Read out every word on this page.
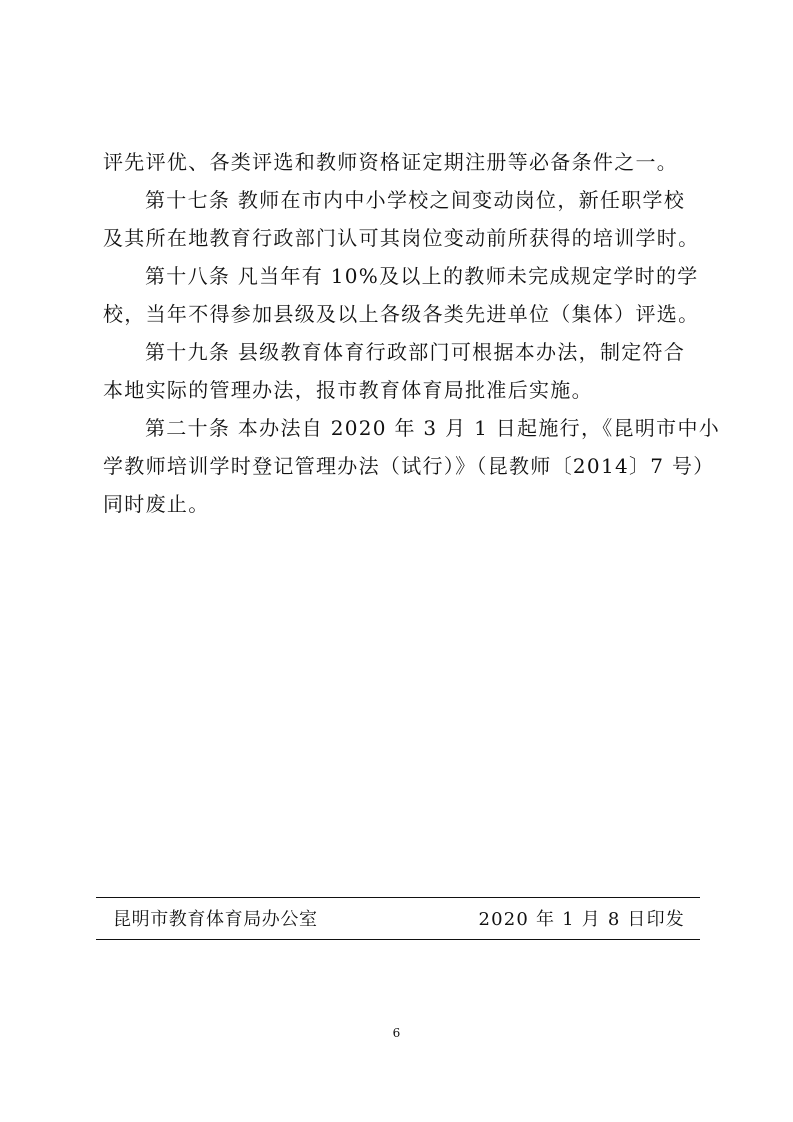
评先评优、各类评选和教师资格证定期注册等必备条件之一。
第十七条 教师在市内中小学校之间变动岗位，新任职学校
及其所在地教育行政部门认可其岗位变动前所获得的培训学时。
第十八条 凡当年有 10%及以上的教师未完成规定学时的学
校，当年不得参加县级及以上各级各类先进单位（集体）评选。
第十九条 县级教育体育行政部门可根据本办法，制定符合
本地实际的管理办法，报市教育体育局批准后实施。
第二十条 本办法自 2020 年 3 月 1 日起施行，《昆明市中小
学教师培训学时登记管理办法（试行）》（昆教师〔2014〕7 号）
同时废止。
昆明市教育体育局办公室	2020 年 1 月 8 日印发
6
